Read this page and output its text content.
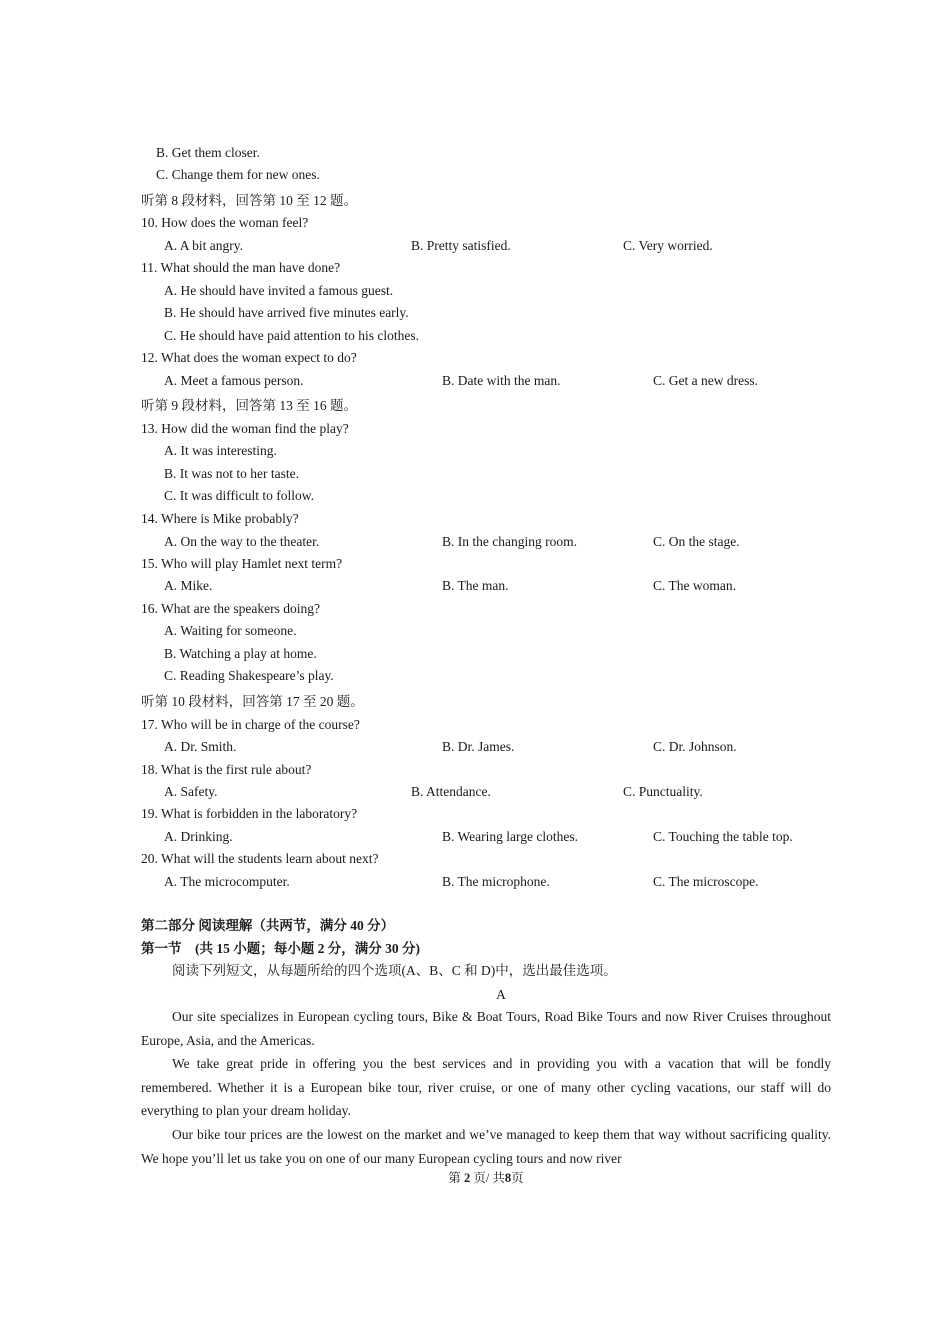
B. Get them closer.
C. Change them for new ones.
听第 8 段材料，回答第 10 至 12 题。
10. How does the woman feel?
A. A bit angry.	B. Pretty satisfied.	C. Very worried.
11. What should the man have done?
A. He should have invited a famous guest.
B. He should have arrived five minutes early.
C. He should have paid attention to his clothes.
12. What does the woman expect to do?
A. Meet a famous person.	B. Date with the man.	C. Get a new dress.
听第 9 段材料，回答第 13 至 16 题。
13. How did the woman find the play?
A. It was interesting.
B. It was not to her taste.
C. It was difficult to follow.
14. Where is Mike probably?
A. On the way to the theater.	B. In the changing room.	C. On the stage.
15. Who will play Hamlet next term?
A. Mike.	B. The man.	C. The woman.
16. What are the speakers doing?
A. Waiting for someone.
B. Watching a play at home.
C. Reading Shakespeare’s play.
听第 10 段材料，回答第 17 至 20 题。
17. Who will be in charge of the course?
A. Dr. Smith.	B. Dr. James.	C. Dr. Johnson.
18. What is the first rule about?
A. Safety.	B. Attendance.	C. Punctuality.
19. What is forbidden in the laboratory?
A. Drinking.	B. Wearing large clothes.	C. Touching the table top.
20. What will the students learn about next?
A. The microcomputer.	B. The microphone.	C. The microscope.
第二部分 阅读理解（共两节，满分 40 分）
第一节　(共 15 小题；每小题 2 分，满分 30 分)
阅读下列短文，从每题所给的四个选项(A、B、C 和 D)中，选出最佳选项。
A
Our site specializes in European cycling tours, Bike & Boat Tours, Road Bike Tours and now River Cruises throughout Europe, Asia, and the Americas.
We take great pride in offering you the best services and in providing you with a vacation that will be fondly remembered. Whether it is a European bike tour, river cruise, or one of many other cycling vacations, our staff will do everything to plan your dream holiday.
Our bike tour prices are the lowest on the market and we’ve managed to keep them that way without sacrificing quality. We hope you’ll let us take you on one of our many European cycling tours and now river
第 2 页/ 共8页
